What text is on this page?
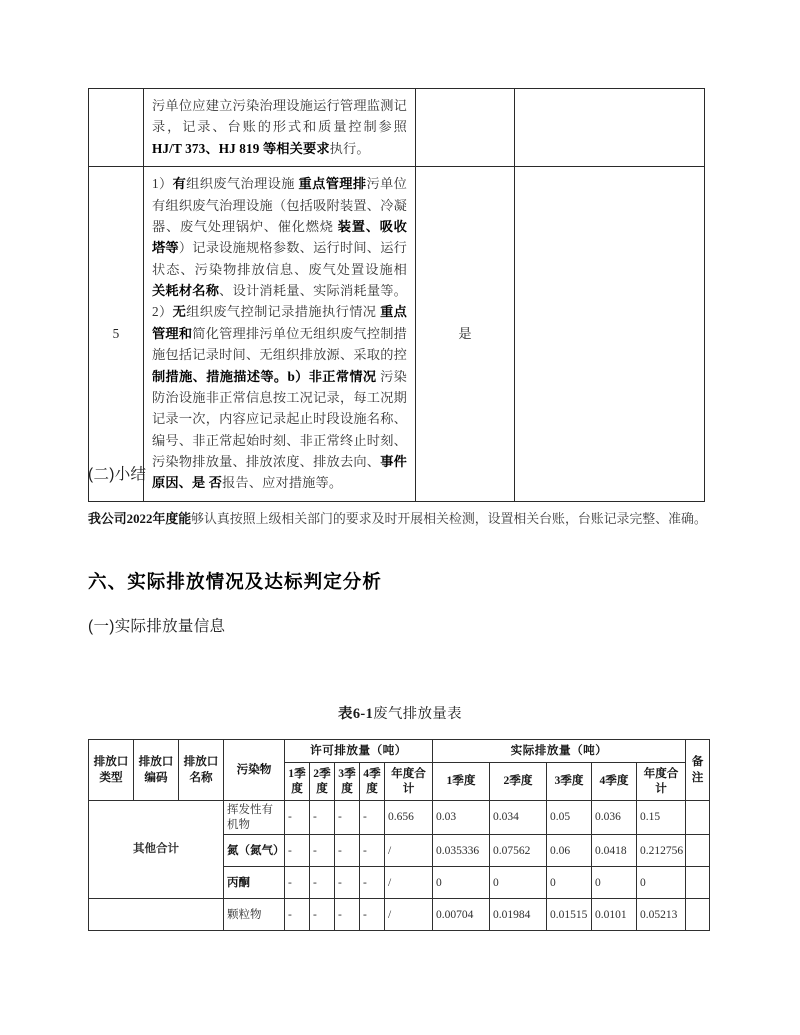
	污单位应建立污染治理设施运行管理监测记录，记录、台账的形式和质量控制参照HJ/T 373、HJ 819 等相关要求执行。		
5	1）有组织废气治理设施 重点管理排污单位有组织废气治理设施（包括吸附装置、冷凝器、废气处理锅炉、催化燃烧 装置、吸收塔等）记录设施规格参数、运行时间、运行状态、污染物排放信息、废气处置设施相 关耗材名称、设计消耗量、实际消耗量等。2）无组织废气控制记录措施执行情况 重点管理和简化管理排污单位无组织废气控制措施包括记录时间、无组织排放源、采取的控 制措施、措施描述等。b）非正常情况 污染防治设施非正常信息按工况记录，每工况期记录一次，内容应记录起止时段设施名称、 编号、非正常起始时刻、非正常终止时刻、污染物排放量、排放浓度、排放去向、事件原因、是 否报告、应对措施等。	是	
(二)小结
我公司2022年度能够认真按照上级相关部门的要求及时开展相关检测，设置相关台账，台账记录完整、准确。
六、实际排放情况及达标判定分析
(一)实际排放量信息
表6-1废气排放量表
排放口类型	排放口编码	排放口名称	污染物	许可排放量（吨）					实际排放量（吨）					备注
				1季度	2季度	3季度	4季度	年度合计	1季度	2季度	3季度	4季度	年度合计	
其他合计			挥发性有机物	-	-	-	-	0.656	0.03	0.034	0.05	0.036	0.15	
			氮（氮气）	-	-	-	-	/	0.035336	0.07562	0.06	0.0418	0.212756	
			丙酮	-	-	-	-	/	0	0	0	0	0	
			颗粒物	-	-	-	-	/	0.00704	0.01984	0.01515	0.0101	0.05213	
